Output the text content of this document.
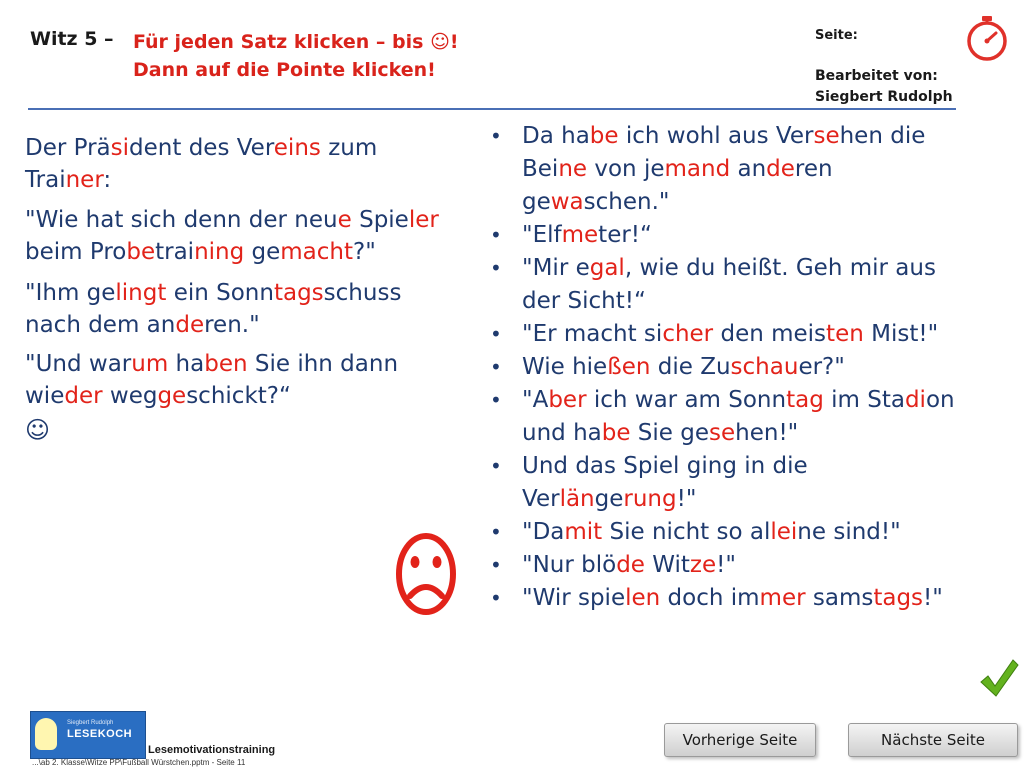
Witz 5 – Für jeden Satz klicken – bis ☺!
Dann auf die Pointe klicken!
Seite:
Bearbeitet von:
Siegbert Rudolph
Der Präsident des Vereins zum Trainer:
"Wie hat sich denn der neue Spieler beim Probetraining gemacht?"
"Ihm gelingt ein Sonntagsschuss nach dem anderen."
"Und warum haben Sie ihn dann wieder weggeschickt?“
☺
• Da habe ich wohl aus Versehen die Beine von jemand anderen gewaschen."
• "Elfmeter!“
• "Mir egal, wie du heißt. Geh mir aus der Sicht!“
• "Er macht sicher den meisten Mist!"
• Wie hießen die Zuschauer?"
• "Aber ich war am Sonntag im Stadion und habe Sie gesehen!"
• Und das Spiel ging in die Verlängerung!"
• "Damit Sie nicht so alleine sind!"
• "Nur blöde Witze!"
• "Wir spielen doch immer samstags!"
Siegbert Rudolph
LESEKOCH
Lesemotivationstraining
...\ab 2. Klasse\Witze PP\Fußball Würstchen.pptm - Seite 11
Vorherige Seite	Nächste Seite
